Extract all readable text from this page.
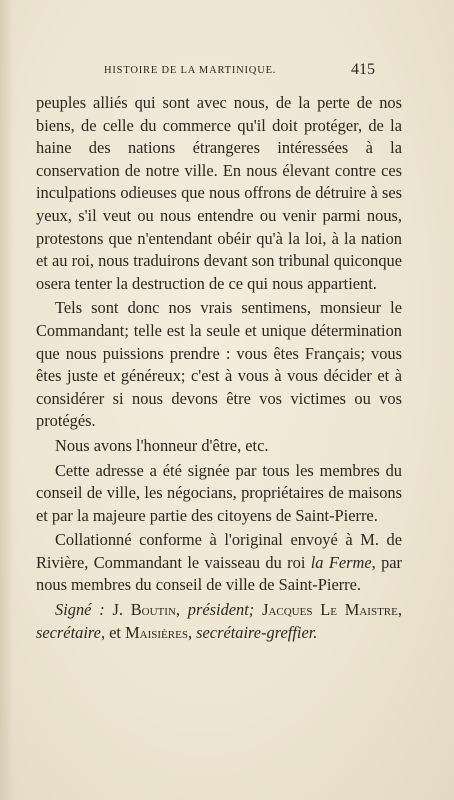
HISTOIRE DE LA MARTINIQUE.	415

peuples alliés qui sont avec nous, de la perte de nos biens, de celle du commerce qu'il doit protéger, de la haine des nations étrangeres intéressées à la conservation de notre ville. En nous élevant contre ces inculpations odieuses que nous offrons de détruire à ses yeux, s'il veut ou nous entendre ou venir parmi nous, protestons que n'entendant obéir qu'à la loi, à la nation et au roi, nous traduirons devant son tribunal quiconque osera tenter la destruction de ce qui nous appartient.

Tels sont donc nos vrais sentimens, monsieur le Commandant; telle est la seule et unique détermination que nous puissions prendre : vous êtes Français; vous êtes juste et généreux; c'est à vous à vous décider et à considérer si nous devons être vos victimes ou vos protégés.

Nous avons l'honneur d'être, etc.

Cette adresse a été signée par tous les membres du conseil de ville, les négocians, propriétaires de maisons et par la majeure partie des citoyens de Saint-Pierre.

Collationné conforme à l'original envoyé à M. de Rivière, Commandant le vaisseau du roi la Ferme, par nous membres du conseil de ville de Saint-Pierre.

Signé : J. Boutin, président; Jacques Le Maistre, secrétaire, et Maisières, secrétaire-greffier.
